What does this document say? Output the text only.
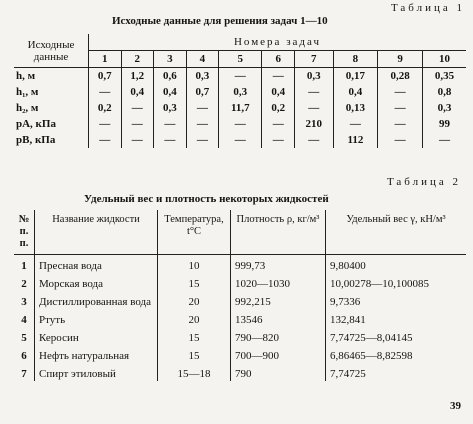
Таблица 1
Исходные данные для решения задач 1—10
Исходные данные	Номера задач									
	1	2	3	4	5	6	7	8	9	10
h, м	0,7	1,2	0,6	0,3	—	—	0,3	0,17	0,28	0,35
h₁, м	—	0,4	0,4	0,7	0,3	0,4	—	0,4	—	0,8
h₂, м	0,2	—	0,3	—	11,7	0,2	—	0,13	—	0,3
pA, кПа	—	—	—	—	—	—	210	—	—	99
pB, кПа	—	—	—	—	—	—	—	112	—	—
Таблица 2
Удельный вес и плотность некоторых жидкостей
№ п. п.	Название жидкости	Температура, t°C	Плотность ρ, кг/м³	Удельный вес γ, кН/м³
1	Пресная вода	10	999,73	9,80400
2	Морская вода	15	1020—1030	10,00278—10,100085
3	Дистиллированная вода	20	992,215	9,7336
4	Ртуть	20	13546	132,841
5	Керосин	15	790—820	7,74725—8,04145
6	Нефть натуральная	15	700—900	6,86465—8,82598
7	Спирт этиловый	15—18	790	7,74725
39
